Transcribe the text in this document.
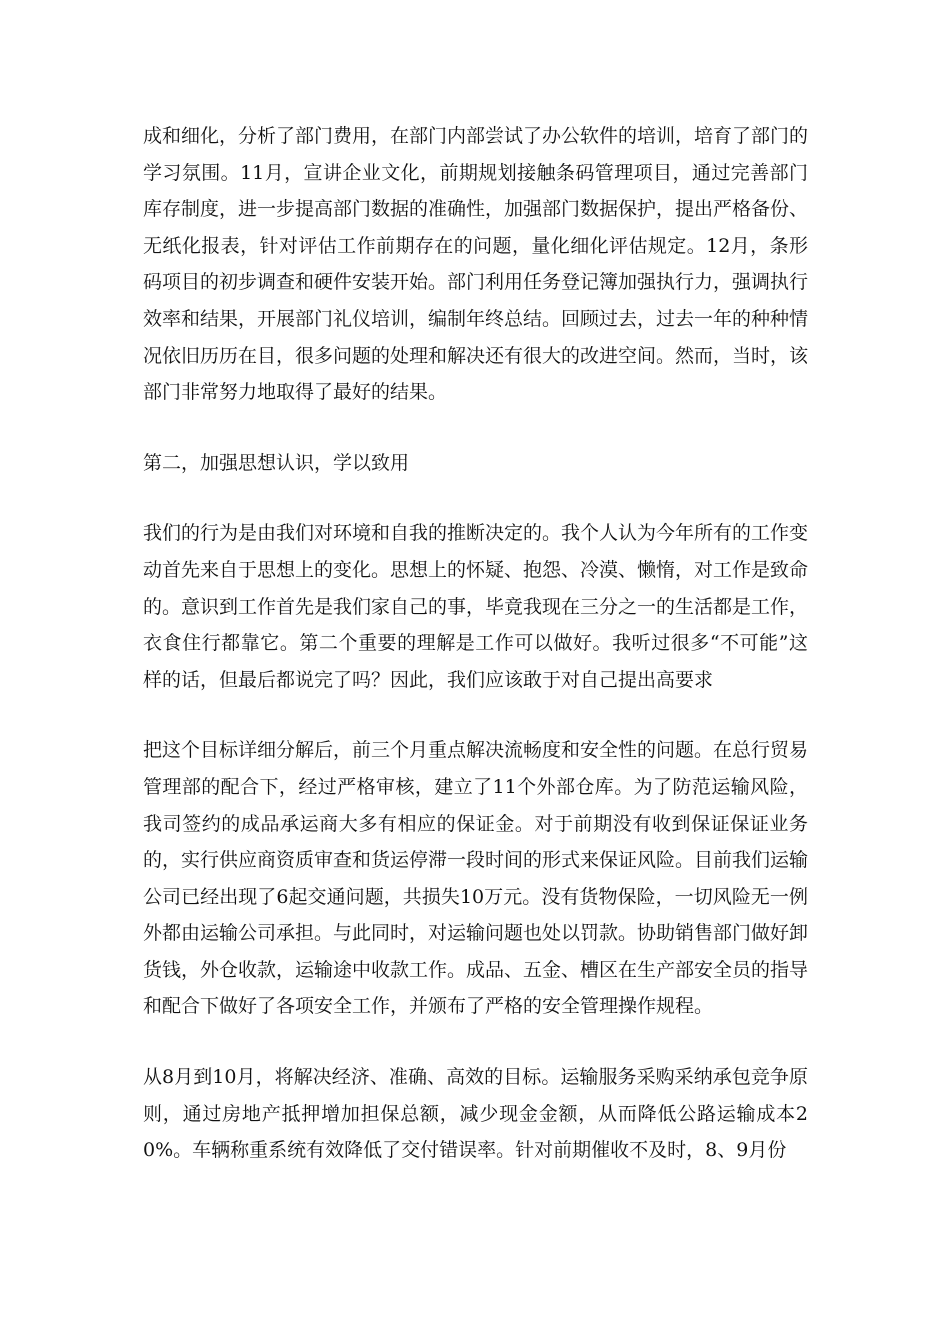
成和细化，分析了部门费用，在部门内部尝试了办公软件的培训，培育了部门的学习氛围。11月，宣讲企业文化，前期规划接触条码管理项目，通过完善部门库存制度，进一步提高部门数据的准确性，加强部门数据保护，提出严格备份、无纸化报表，针对评估工作前期存在的问题，量化细化评估规定。12月，条形码项目的初步调查和硬件安装开始。部门利用任务登记簿加强执行力，强调执行效率和结果，开展部门礼仪培训，编制年终总结。回顾过去，过去一年的种种情况依旧历历在目，很多问题的处理和解决还有很大的改进空间。然而，当时，该部门非常努力地取得了最好的结果。

第二，加强思想认识，学以致用

我们的行为是由我们对环境和自我的推断决定的。我个人认为今年所有的工作变动首先来自于思想上的变化。思想上的怀疑、抱怨、冷漠、懒惰，对工作是致命的。意识到工作首先是我们家自己的事，毕竟我现在三分之一的生活都是工作，衣食住行都靠它。第二个重要的理解是工作可以做好。我听过很多“不可能”这样的话，但最后都说完了吗？因此，我们应该敢于对自己提出高要求

把这个目标详细分解后，前三个月重点解决流畅度和安全性的问题。在总行贸易管理部的配合下，经过严格审核，建立了11个外部仓库。为了防范运输风险，我司签约的成品承运商大多有相应的保证金。对于前期没有收到保证保证业务的，实行供应商资质审查和货运停滞一段时间的形式来保证风险。目前我们运输公司已经出现了6起交通问题，共损失10万元。没有货物保险，一切风险无一例外都由运输公司承担。与此同时，对运输问题也处以罚款。协助销售部门做好卸货钱，外仓收款，运输途中收款工作。成品、五金、槽区在生产部安全员的指导和配合下做好了各项安全工作，并颁布了严格的安全管理操作规程。

从8月到10月，将解决经济、准确、高效的目标。运输服务采购采纳承包竞争原则，通过房地产抵押增加担保总额，减少现金金额，从而降低公路运输成本20%。车辆称重系统有效降低了交付错误率。针对前期催收不及时，8、9月份
